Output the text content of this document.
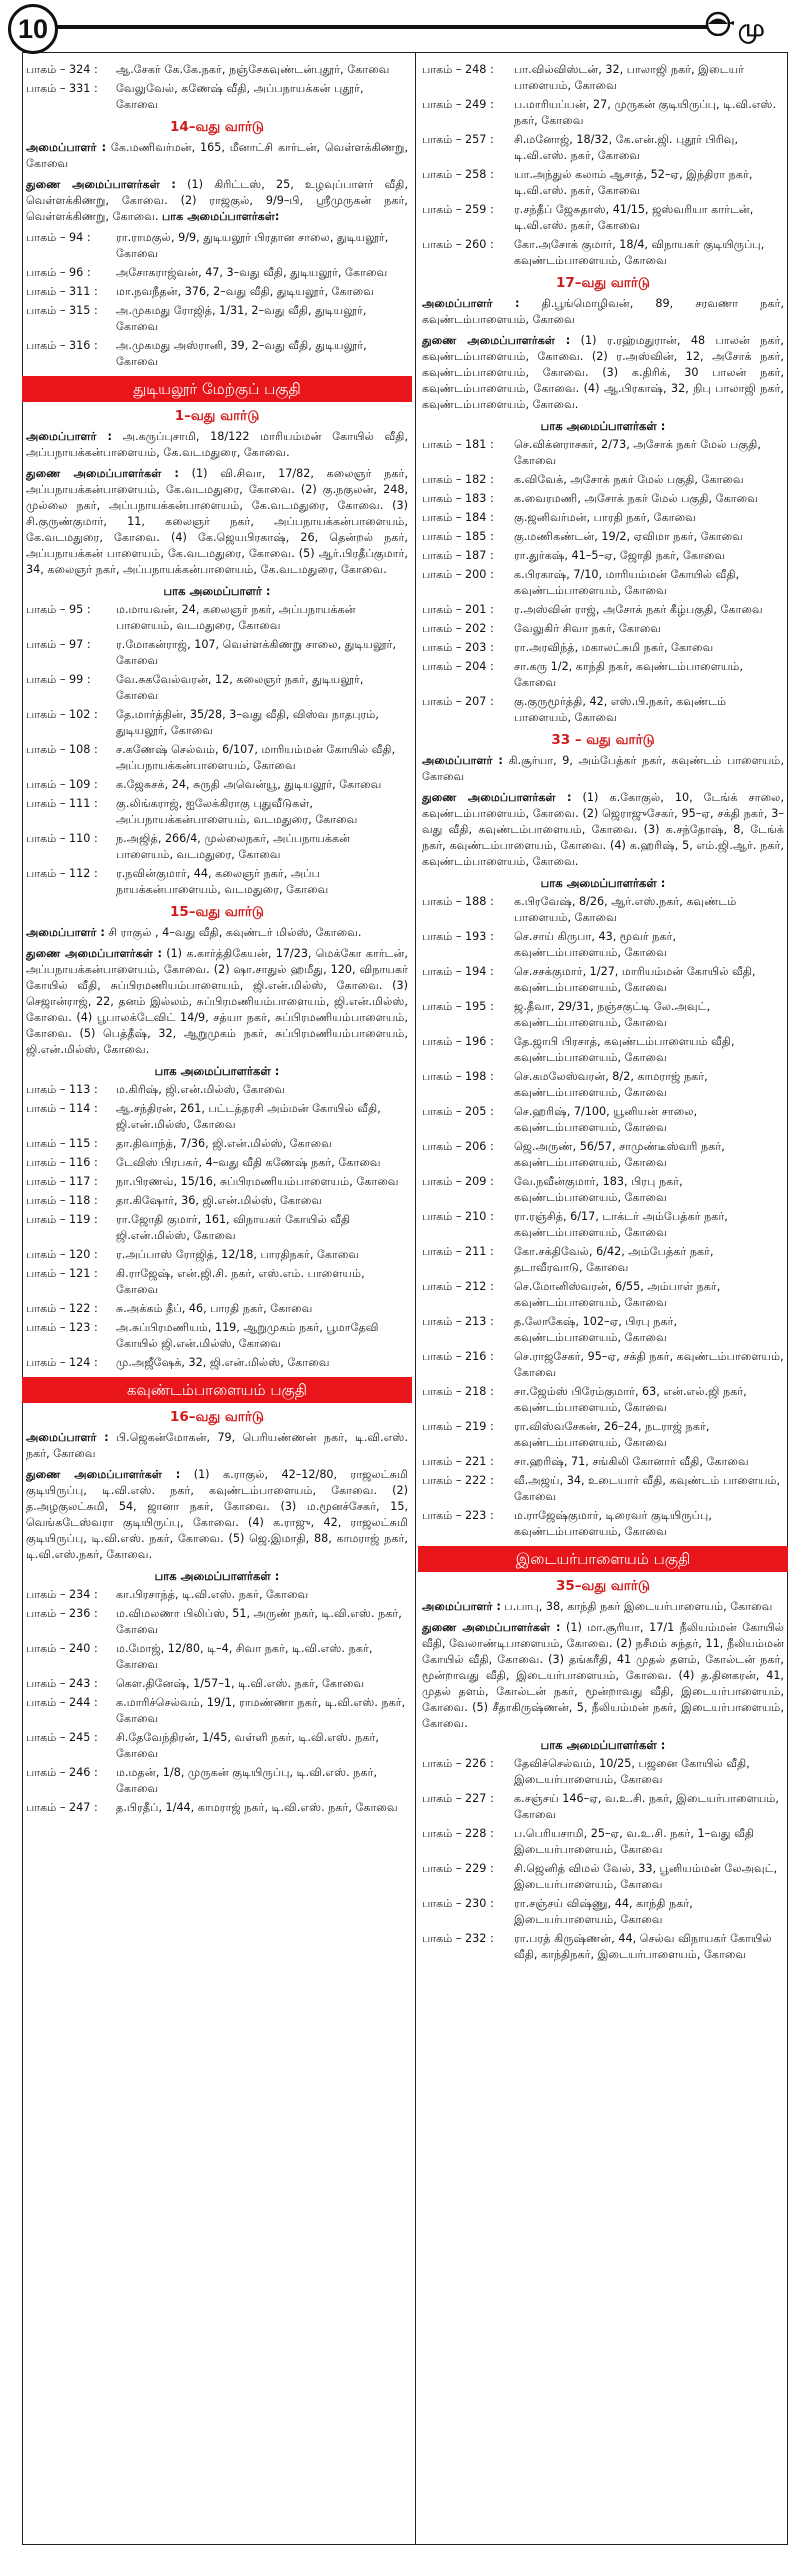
10	மு
பாகம் – 324 :	ஆ.சேகர் கே.கே.நகர், நஞ்சேகவுண்டன்புதூர், கோவை
பாகம் – 331 :	வேலுவேல், கணேஷ் வீதி, அப்பநாயக்கன் புதூர், கோவை
14–வது வார்டு
அமைப்பாளர் : கே.மணிவர்மன், 165, மீனாட்சி கார்டன், வெள்ளக்கிணறு, கோவை
துணை அமைப்பாளர்கள் : (1) கிரிட்டஸ், 25, உழவுப்பாளர் வீதி, வெள்ளக்கிணறு, கோவை. (2) ராஜகுல், 9/9–பி, ஸ்ரீமுருகன் நகர், வெள்ளக்கிணறு, கோவை. பாக அமைப்பாளர்கள்:
பாகம் – 94 :	ரா.ராமகுல், 9/9, துடியலூர் பிரதான சாலை, துடியலூர், கோவை
பாகம் – 96 :	அசோகராஜ்வன், 47, 3–வது வீதி, துடியலூர், கோவை
பாகம் – 311 :	மா.நவநீதன், 376, 2–வது வீதி, துடியலூர், கோவை
பாகம் – 315 :	அ.முகமது ரோஜித், 1/31, 2–வது வீதி, துடியலூர், கோவை
பாகம் – 316 :	அ.முகமது அஸ்ரானி, 39, 2–வது வீதி, துடியலூர், கோவை
துடியலூர் மேற்குப் பகுதி
1–வது வார்டு
அமைப்பாளர் : அ.கருப்புசாமி, 18/122 மாரியம்மன் கோயில் வீதி, அப்பநாயக்கன்பாளையம், கே.வடமதுரை, கோவை.
துணை அமைப்பாளர்கள் : (1) வி.சிவா, 17/82, கலைஞர் நகர், அப்பநாயக்கன்பாளையம், கே.வடமதுரை, கோவை. (2) கு.நகுலன், 248, முல்லை நகர், அப்பநாயக்கன்பாளையம், கே.வடமதுரை, கோவை. (3) சி.குருண்குமார், 11, கலைஞர் நகர், அப்பநாயக்கன்பாளையம், கே.வடமதுரை, கோவை. (4) கே.ஜெயபிரகாஷ், 26, தென்றல் நகர், அப்பநாயக்கன் பாளையம், கே.வடமதுரை, கோவை. (5) ஆர்.பிரதீப்குமார், 34, கலைஞர் நகர், அப்பநாயக்கன்பாளையம், கே.வடமதுரை, கோவை.
பாக அமைப்பாளர் :
பாகம் – 95 :	ம.மாயவன், 24, கலைஞர் நகர், அப்பநாயக்கன் பாளையம், வடமதுரை, கோவை
பாகம் – 97 :	ர.மோகன்ராஜ், 107, வெள்ளக்கிணறு சாலை, துடியலூர், கோவை
பாகம் – 99 :	வே.சுகவேல்வரன், 12, கலைஞர் நகர், துடியலூர், கோவை
பாகம் – 102 :	தே.மார்த்தின், 35/28, 3–வது வீதி, விஸ்வ நாதபுரம், துடியலூர், கோவை
பாகம் – 108 :	ச.கணேஷ் செல்வம், 6/107, மாரியம்மன் கோயில் வீதி, அப்பநாயக்கன்பாளையம், கோவை
பாகம் – 109 :	க.ஜேசுசக், 24, சுருதி அவென்யூ, துடியலூர், கோவை
பாகம் – 111 :	கு.லிங்கராஜ், ஐலேக்கிராகு புதுவீடுகள், அப்பநாயக்கன்பாளையம், வடமதுரை, கோவை
பாகம் – 110 :	ந.அஜித், 266/4, முல்லைநகர், அப்பநாயக்கன் பாளையம், வடமதுரை, கோவை
பாகம் – 112 :	ர.நவின்குமார், 44, கலைஞர் நகர், அப்ப நாயக்கன்பாளையம், வடமதுரை, கோவை
15–வது வார்டு
அமைப்பாளர் : சி ராகுல் , 4–வது வீதி, கவுண்டர் மில்ஸ், கோவை.
துணை அமைப்பாளர்கள் : (1) க.கார்த்திகேயன், 17/23, மெக்கோ கார்டன், அப்பநாயக்கன்பாளையம், கோவை. (2) ஷா.சாதுல் ஹமீது, 120, விநாயகர் கோயில் வீதி, சுப்பிரமணியம்பாளையம், ஜி.என்.மில்ஸ், கோவை. (3) செஜான்ராஜ், 22, தனம் இல்லம், சுப்பிரமணியம்பாளையம், ஜி.என்.மில்ஸ், கோவை. (4) பூபாலக்டேவிட் 14/9, சத்யா நகர், சுப்பிரமணியம்பாளையம், கோவை. (5) பெத்தீஷ், 32, ஆறுமுகம் நகர், சுப்பிரமணியம்பாளையம், ஜி.என்.மில்ஸ், கோவை.
பாக அமைப்பாளர்கள் :
பாகம் – 113 :	ம.கிரிஷ், ஜி.என்.மில்ஸ், கோவை
பாகம் – 114 :	ஆ.சந்திரன், 261, பட்டத்தரசி அம்மன் கோயில் வீதி, ஜி.என்.மில்ஸ், கோவை
பாகம் – 115 :	தா.திவாந்த், 7/36, ஜி.என்.மில்ஸ், கோவை
பாகம் – 116 :	டேவிஸ் பிரபகர், 4–வது வீதி கணேஷ் நகர், கோவை
பாகம் – 117 :	நா.பிரணவ், 15/16, சுப்பிரமணியம்பாளையம், கோவை
பாகம் – 118 :	தா.கிஷோர், 36, ஜி.என்.மில்ஸ், கோவை
பாகம் – 119 :	ரா.ஜோதி குமார், 161, விநாயகர் கோயில் வீதி ஜி.என்.மில்ஸ், கோவை
பாகம் – 120 :	ர.அப்பாஸ் ரோஜித், 12/18, பாரதிநகர், கோவை
பாகம் – 121 :	கி.ராஜேஷ், என்.ஜி.சி. நகர், எஸ்.எம். பாளையம், கோவை
பாகம் – 122 :	சு.அக்கம் தீப், 46, பாரதி நகர், கோவை
பாகம் – 123 :	அ.சுப்பிரமணியம், 119, ஆறுமுகம் நகர், பூமாதேவி கோயில் ஜி.என்.மில்ஸ், கோவை
பாகம் – 124 :	மு.அஜீஷேக், 32, ஜி.என்.மில்ஸ், கோவை
கவுண்டம்பாளையம் பகுதி
16–வது வார்டு
அமைப்பாளர் : பி.ஜெகன்மோகன், 79, பெரியண்ணன் நகர், டி.வி.எஸ். நகர், கோவை
துணை அமைப்பாளர்கள் : (1) க.ராகுல், 42–12/80, ராஜலட்சுமி குடியிருப்பு, டி.வி.எஸ். நகர், கவுண்டம்பாளையம், கோவை. (2) த.அழகுலட்சுமி, 54, ஜானா நகர், கோவை. (3) ம.மூனச்சேகர், 15, வெங்கடேஸ்வரா குடியிருப்பு, கோவை. (4) க.ராஜு, 42, ராஜலட்சுமி குடியிருப்பு, டி.வி.எஸ். நகர், கோவை. (5) ஜெ.இமாதி, 88, காமராஜ் நகர், டி.வி.எஸ்.நகர், கோவை.
பாக அமைப்பாளர்கள் :
பாகம் – 234 :	கா.பிரசாந்த், டி.வி.எஸ். நகர், கோவை
பாகம் – 236 :	ம.விமலணா பிலிப்ஸ், 51, அருண் நகர், டி.வி.எஸ். நகர், கோவை
பாகம் – 240 :	ம.மோஜ், 12/80, டி–4, சிவா நகர், டி.வி.எஸ். நகர், கோவை
பாகம் – 243 :	கௌ.தினேஷ், 1/57–1, டி.வி.எஸ். நகர், கோவை
பாகம் – 244 :	க.மாரிச்செல்வம், 19/1, ராமண்ணா நகர், டி.வி.எஸ். நகர், கோவை
பாகம் – 245 :	சி.தேவேந்திரன், 1/45, வள்ளி நகர், டி.வி.எஸ். நகர், கோவை
பாகம் – 246 :	ம.மதன், 1/8, முருகன் குடியிருப்பு, டி.வி.எஸ். நகர், கோவை
பாகம் – 247 :	த.பிரதீப், 1/44, காமராஜ் நகர், டி.வி.எஸ். நகர், கோவை
பாகம் – 248 :	பா.வில்விஸ்டன், 32, பாலாஜி நகர், இடையர் பாளையம், கோவை
பாகம் – 249 :	ப.மாரியப்பன், 27, முருகன் குடியிருப்பு, டி.வி.எஸ். நகர், கோவை
பாகம் – 257 :	சி.மனோஜ், 18/32, கே.என்.ஜி. புதூர் பிரிவு, டி.வி.எஸ். நகர், கோவை
பாகம் – 258 :	யா.அந்துல் கலாம் ஆசாத், 52–ஏ, இந்திரா நகர், டி.வி.எஸ். நகர், கோவை
பாகம் – 259 :	ர.சந்தீப் ஜேசுதாஸ், 41/15, ஜஸ்வரியா கார்டன், டி.வி.எஸ். நகர், கோவை
பாகம் – 260 :	கோ.அசோக் குமார், 18/4, விநாயகர் குடியிருப்பு, கவுண்டம்பாளையம், கோவை
17–வது வார்டு
அமைப்பாளர் : தி.பூங்மொழிவன், 89, சரவணா நகர், கவுண்டம்பாளையம், கோவை
துணை அமைப்பாளர்கள் : (1) ர.ரஹ்மதுரான், 48 பாலன் நகர், கவுண்டம்பாளையம், கோவை. (2) ர.அஸ்வின், 12, அசோக் நகர், கவுண்டம்பாளையம், கோவை. (3) க.திரிக், 30 பாலன் நகர், கவுண்டம்பாளையம், கோவை. (4) ஆ.பிரகாஷ், 32, நிபு பாலாஜி நகர், கவுண்டம்பாளையம், கோவை.
பாக அமைப்பாளர்கள் :
பாகம் – 181 :	செ.விக்னராசகர், 2/73, அசோக் நகர் மேல் பகுதி, கோவை
பாகம் – 182 :	க.விவேக், அசோக் நகர் மேல் பகுதி, கோவை
பாகம் – 183 :	க.வைரமணி, அசோக் நகர் மேல் பகுதி, கோவை
பாகம் – 184 :	கு.ஜனிவர்மன், பாரதி நகர், கோவை
பாகம் – 185 :	கு.மணிகண்டன், 19/2, ஏவிமா நகர், கோவை
பாகம் – 187 :	ரா.துர்கஷ், 41–5–ஏ, ஜோதி நகர், கோவை
பாகம் – 200 :	க.பிரகாஷ், 7/10, மாரியம்மன் கோயில் வீதி, கவுண்டம்பாளையம், கோவை
பாகம் – 201 :	ர.அஸ்வின் ராஜ், அசோக் நகர் கீழ்பகுதி, கோவை
பாகம் – 202 :	வேலுகிர் சிவா நகர், கோவை
பாகம் – 203 :	ரா.அரவிந்த், மகாலட்சுமி நகர், கோவை
பாகம் – 204 :	சா.கரு 1/2, காந்தி நகர், கவுண்டம்பாளையம், கோவை
பாகம் – 207 :	கு.குருமூர்த்தி, 42, எஸ்.பி.நகர், கவுண்டம் பாளையம், கோவை
33 – வது வார்டு
அமைப்பாளர் : கி.சூர்யா, 9, அம்பேத்கர் நகர், கவுண்டம் பாளையம், கோவை
துணை அமைப்பாளர்கள் : (1) க.கோகுல், 10, டேங்க் சாலை, கவுண்டம்பாளையம், கோவை. (2) ஜெராஜுசேகர், 95–ஏ, சக்தி நகர், 3–வது வீதி, கவுண்டம்பாளையம், கோவை. (3) க.சந்தோஷ், 8, டேங்க் நகர், கவுண்டம்பாளையம், கோவை. (4) க.ஹரிஷ், 5, எம்.ஜி.ஆர். நகர், கவுண்டம்பாளையம், கோவை.
பாக அமைப்பாளர்கள் :
பாகம் – 188 :	க.பிரவேஷ், 8/26, ஆர்.எஸ்.நகர், கவுண்டம் பாளையம், கோவை
பாகம் – 193 :	செ.சாய் கிருபா, 43, மூவர் நகர், கவுண்டம்பாளையம், கோவை
பாகம் – 194 :	செ.சசக்குமார், 1/27, மாரியம்மன் கோயில் வீதி, கவுண்டம்பாளையம், கோவை
பாகம் – 195 :	ஜ.தீவா, 29/31, நஞ்சகுட்டி லே.அவுட், கவுண்டம்பாளையம், கோவை
பாகம் – 196 :	தே.ஜாபி பிரசாத், கவுண்டம்பாளையம் வீதி, கவுண்டம்பாளையம், கோவை
பாகம் – 198 :	செ.கமலேஸ்வரன், 8/2, காமராஜ் நகர், கவுண்டம்பாளையம், கோவை
பாகம் – 205 :	செ.ஹரிஷ், 7/100, யூனியன் சாலை, கவுண்டம்பாளையம், கோவை
பாகம் – 206 :	ஜெ.அருண், 56/57, சாமுண்டீஸ்வரி நகர், கவுண்டம்பாளையம், கோவை
பாகம் – 209 :	வே.நவீன்குமார், 183, பிரபு நகர், கவுண்டம்பாளையம், கோவை
பாகம் – 210 :	ரா.ரஞ்சித், 6/17, டாக்டர் அம்பேத்கர் நகர், கவுண்டம்பாளையம், கோவை
பாகம் – 211 :	கோ.சக்திவேல், 6/42, அம்பேத்கர் நகர், தடாவீரவாடு, கோவை
பாகம் – 212 :	செ.மோனிஸ்வரன், 6/55, அம்பாள் நகர், கவுண்டம்பாளையம், கோவை
பாகம் – 213 :	த.லோகேஷ், 102–ஏ, பிரபு நகர், கவுண்டம்பாளையம், கோவை
பாகம் – 216 :	செ.ராஜசேகர், 95–ஏ, சக்தி நகர், கவுண்டம்பாளையம், கோவை
பாகம் – 218 :	சா.ஜேம்ஸ் பிரேம்குமார், 63, என்.எல்.ஜி நகர், கவுண்டம்பாளையம், கோவை
பாகம் – 219 :	ரா.விஸ்வசேகன், 26–24, நடராஜ் நகர், கவுண்டம்பாளையம், கோவை
பாகம் – 221 :	சா.ஹரிஷ், 71, சங்கிலி கோனார் வீதி, கோவை
பாகம் – 222 :	வீ.அஜய், 34, உடையார் வீதி, கவுண்டம் பாளையம், கோவை
பாகம் – 223 :	ம.ராஜேஷ்குமார், டிரைவர் குடியிருப்பு, கவுண்டம்பாளையம், கோவை
இடையர்பாளையம் பகுதி
35–வது வார்டு
அமைப்பாளர் : ப.பாபு, 38, காந்தி நகர் இடையர்பாளையம், கோவை
துணை அமைப்பாளர்கள் : (1) மா.சூரியா, 17/1 நீலியம்மன் கோயில் வீதி, வேலாண்டிபாளையம், கோவை. (2) நசீமம் சுந்தர், 11, நீலியம்மன் கோயில் வீதி, கோவை. (3) தங்கரீதி, 41 முதல் தளம், கோல்டன் நகர், மூன்றாவது வீதி, இடையர்பாளையம், கோவை. (4) த.தினகரன், 41, முதல் தளம், கோல்டன் நகர், மூன்றாவது வீதி, இடையர்பாளையம், கோவை. (5) சீதாகிருஷ்ணன், 5, நீலியம்மன் நகர், இடையர்பாளையம், கோவை.
பாக அமைப்பாளர்கள் :
பாகம் – 226 :	தேவிச்செல்வம், 10/25, பஜனை கோயில் வீதி, இடையர்பாளையம், கோவை
பாகம் – 227 :	க.சஞ்சய் 146–ஏ, வ.உ.சி. நகர், இடையர்பாளையம், கோவை
பாகம் – 228 :	ப.பெரியசாமி, 25–ஏ, வ.உ.சி. நகர், 1–வது வீதி இடையர்பாளையம், கோவை
பாகம் – 229 :	சி.ஜெனித் விமல் வேல், 33, பூனியம்மன் லேஅவுட், இடையர்பாளையம், கோவை
பாகம் – 230 :	ரா.சஞ்சய் விஷ்ணு, 44, காந்தி நகர், இடையர்பாளையம், கோவை
பாகம் – 232 :	ரா.பரத் கிருஷ்ணன், 44, செல்வ விநாயகர் கோயில் வீதி, காந்திநகர், இடையர்பாளையம், கோவை
